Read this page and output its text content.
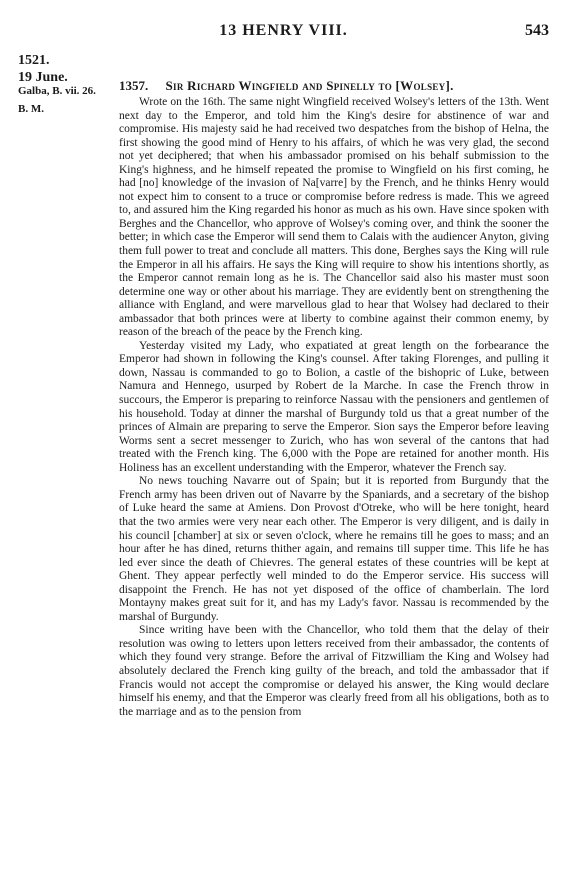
13 HENRY VIII.	543
1521.
19 June.
Galba, B. vii. 26.
B. M.
1357. Sir Richard Wingfield and Spinelly to [Wolsey].

Wrote on the 16th. The same night Wingfield received Wolsey's letters of the 13th. Went next day to the Emperor, and told him the King's desire for abstinence of war and compromise. His majesty said he had received two despatches from the bishop of Helna, the first showing the good mind of Henry to his affairs, of which he was very glad, the second not yet deciphered; that when his ambassador promised on his behalf submission to the King's highness, and he himself repeated the promise to Wingfield on his first coming, he had [no] knowledge of the invasion of Na[varre] by the French, and he thinks Henry would not expect him to consent to a truce or compromise before redress is made. This we agreed to, and assured him the King regarded his honor as much as his own. Have since spoken with Berghes and the Chancellor, who approve of Wolsey's coming over, and think the sooner the better; in which case the Emperor will send them to Calais with the audiencer Anyton, giving them full power to treat and conclude all matters. This done, Berghes says the King will rule the Emperor in all his affairs. He says the King will require to show his intentions shortly, as the Emperor cannot remain long as he is. The Chancellor said also his master must soon determine one way or other about his marriage. They are evidently bent on strengthening the alliance with England, and were marvellous glad to hear that Wolsey had declared to their ambassador that both princes were at liberty to combine against their common enemy, by reason of the breach of the peace by the French king.

Yesterday visited my Lady, who expatiated at great length on the forbearance the Emperor had shown in following the King's counsel. After taking Florenges, and pulling it down, Nassau is commanded to go to Bolion, a castle of the bishopric of Luke, between Namura and Hennego, usurped by Robert de la Marche. In case the French throw in succours, the Emperor is preparing to reinforce Nassau with the pensioners and gentlemen of his household. Today at dinner the marshal of Burgundy told us that a great number of the princes of Almain are preparing to serve the Emperor. Sion says the Emperor before leaving Worms sent a secret messenger to Zurich, who has won several of the cantons that had treated with the French king. The 6,000 with the Pope are retained for another month. His Holiness has an excellent understanding with the Emperor, whatever the French say.

No news touching Navarre out of Spain; but it is reported from Burgundy that the French army has been driven out of Navarre by the Spaniards, and a secretary of the bishop of Luke heard the same at Amiens. Don Provost d'Otreke, who will be here tonight, heard that the two armies were very near each other. The Emperor is very diligent, and is daily in his council [chamber] at six or seven o'clock, where he remains till he goes to mass; and an hour after he has dined, returns thither again, and remains till supper time. This life he has led ever since the death of Chievres. The general estates of these countries will be kept at Ghent. They appear perfectly well minded to do the Emperor service. His success will disappoint the French. He has not yet disposed of the office of chamberlain. The lord Montayny makes great suit for it, and has my Lady's favor. Nassau is recommended by the marshal of Burgundy.

Since writing have been with the Chancellor, who told them that the delay of their resolution was owing to letters upon letters received from their ambassador, the contents of which they found very strange. Before the arrival of Fitzwilliam the King and Wolsey had absolutely declared the French king guilty of the breach, and told the ambassador that if Francis would not accept the compromise or delayed his answer, the King would declare himself his enemy, and that the Emperor was clearly freed from all his obligations, both as to the marriage and as to the pension from
